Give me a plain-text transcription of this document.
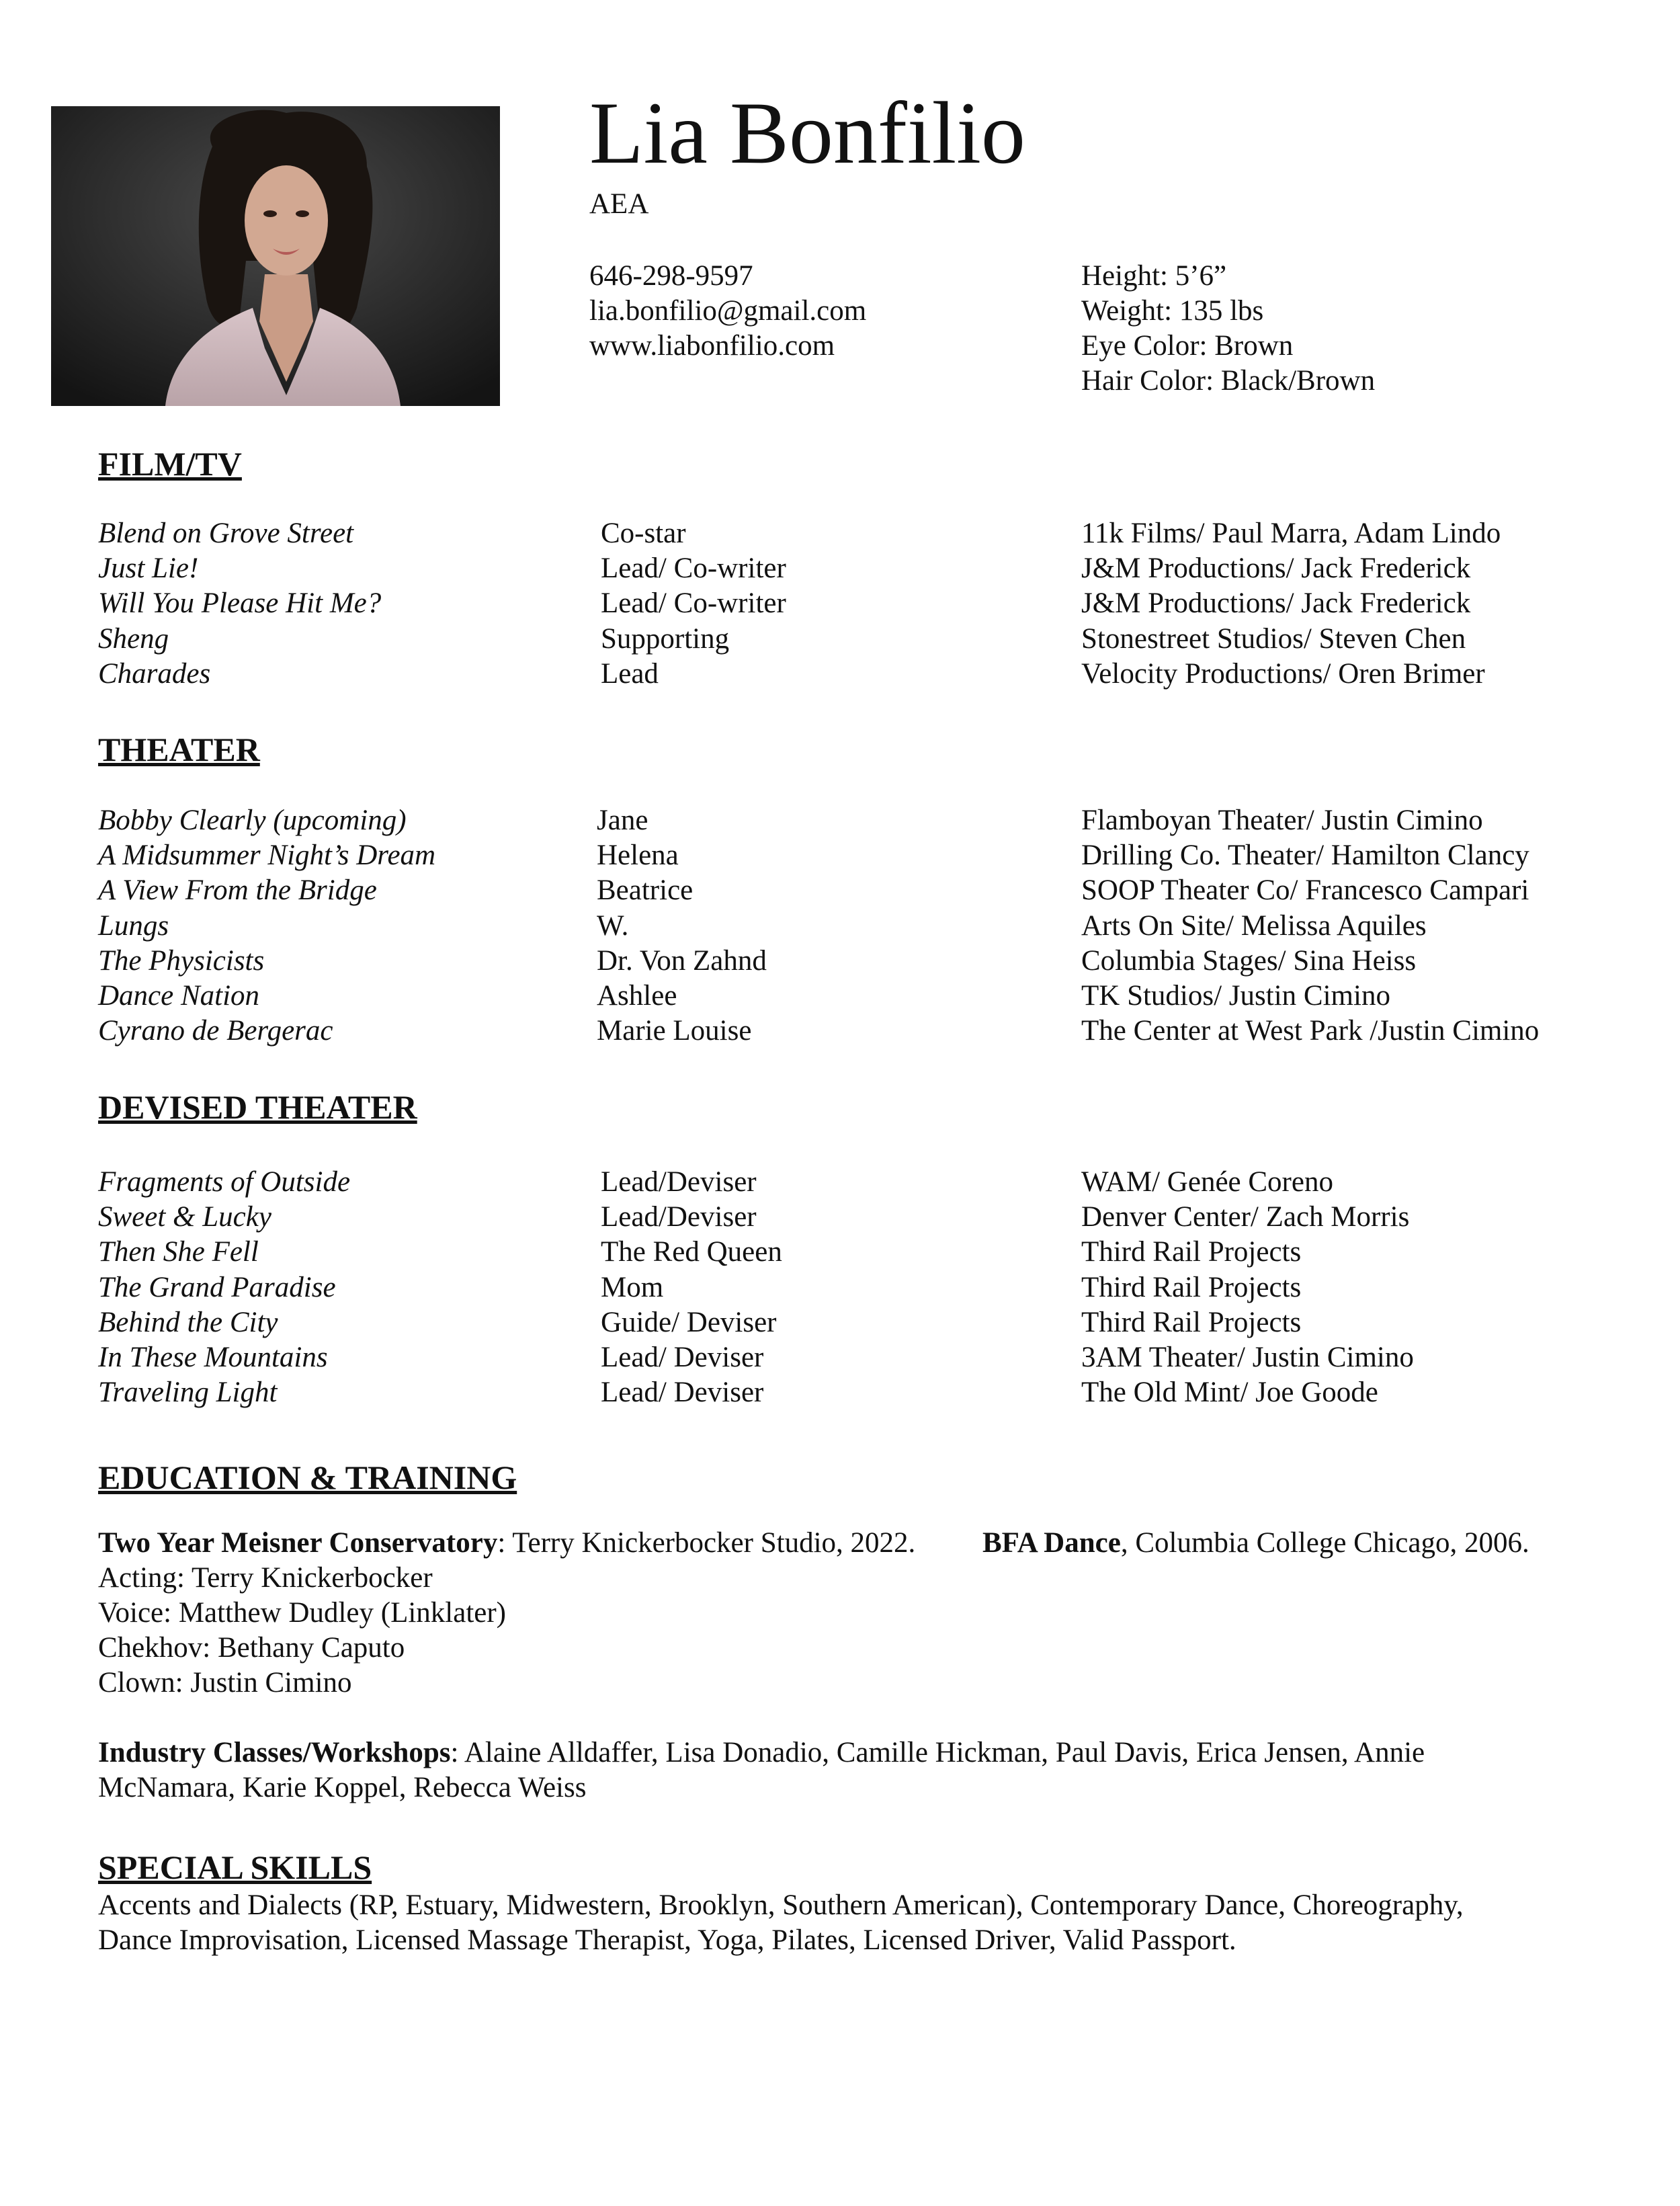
Lia Bonfilio
AEA
646-298-9597
lia.bonfilio@gmail.com
www.liabonfilio.com
Height: 5’6”
Weight: 135 lbs
Eye Color: Brown
Hair Color: Black/Brown
FILM/TV
Blend on Grove Street	Co-star	11k Films/ Paul Marra, Adam Lindo
Just Lie!	Lead/ Co-writer	J&M Productions/ Jack Frederick
Will You Please Hit Me?	Lead/ Co-writer	J&M Productions/ Jack Frederick
Sheng	Supporting	Stonestreet Studios/ Steven Chen
Charades	Lead	Velocity Productions/ Oren Brimer
THEATER
Bobby Clearly (upcoming)	Jane	Flamboyan Theater/ Justin Cimino
A Midsummer Night’s Dream	Helena	Drilling Co. Theater/ Hamilton Clancy
A View From the Bridge	Beatrice	SOOP Theater Co/ Francesco Campari
Lungs	W.	Arts On Site/ Melissa Aquiles
The Physicists	Dr. Von Zahnd	Columbia Stages/ Sina Heiss
Dance Nation	Ashlee	TK Studios/ Justin Cimino
Cyrano de Bergerac	Marie Louise	The Center at West Park /Justin Cimino
DEVISED THEATER
Fragments of Outside	Lead/Deviser	WAM/ Genée Coreno
Sweet & Lucky	Lead/Deviser	Denver Center/ Zach Morris
Then She Fell	The Red Queen	Third Rail Projects
The Grand Paradise	Mom	Third Rail Projects
Behind the City	Guide/ Deviser	Third Rail Projects
In These Mountains	Lead/ Deviser	3AM Theater/ Justin Cimino
Traveling Light	Lead/ Deviser	The Old Mint/ Joe Goode
EDUCATION & TRAINING
Two Year Meisner Conservatory: Terry Knickerbocker Studio, 2022.
Acting: Terry Knickerbocker
Voice: Matthew Dudley (Linklater)
Chekhov: Bethany Caputo
Clown: Justin Cimino
BFA Dance, Columbia College Chicago, 2006.
Industry Classes/Workshops: Alaine Alldaffer, Lisa Donadio, Camille Hickman, Paul Davis, Erica Jensen, Annie
McNamara, Karie Koppel, Rebecca Weiss
SPECIAL SKILLS
Accents and Dialects (RP, Estuary, Midwestern, Brooklyn, Southern American), Contemporary Dance, Choreography,
Dance Improvisation, Licensed Massage Therapist, Yoga, Pilates, Licensed Driver, Valid Passport.
